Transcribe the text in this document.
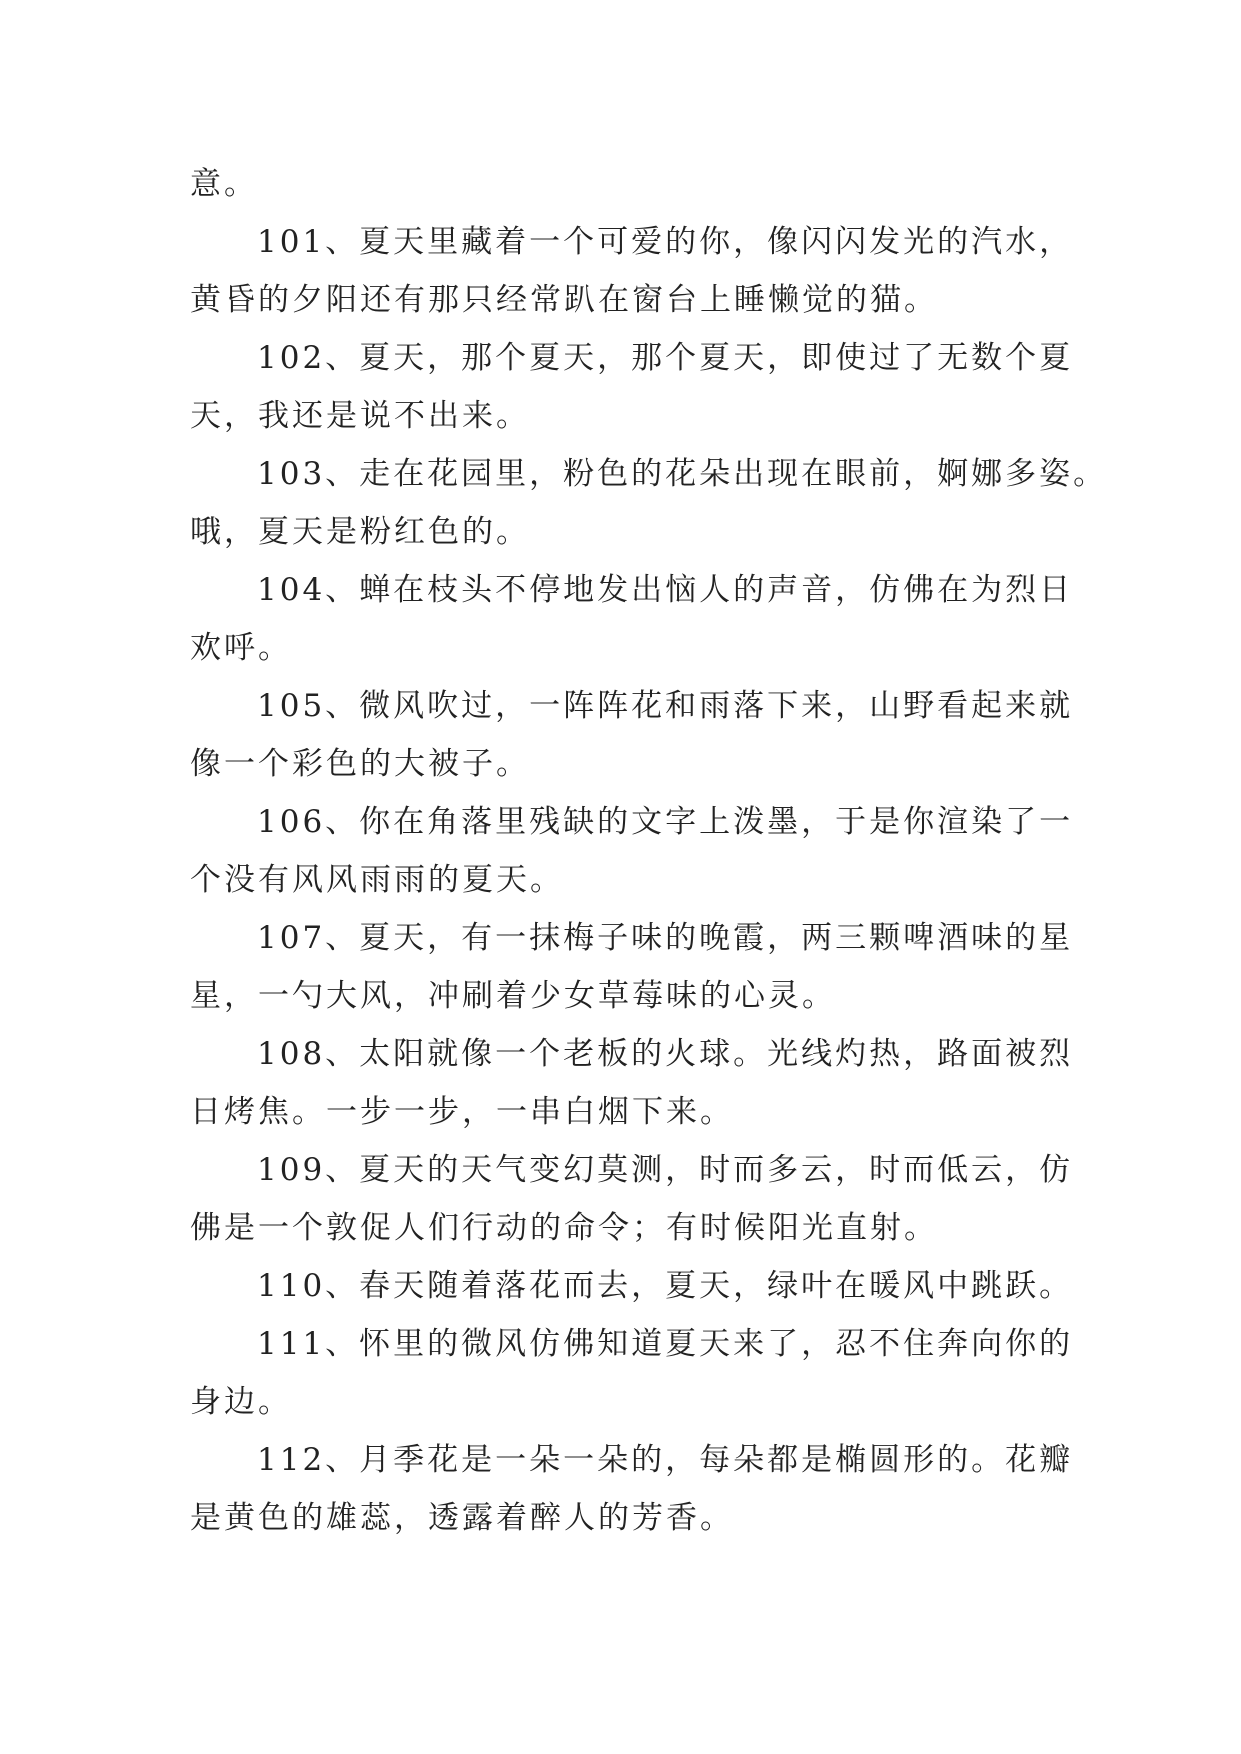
意。

101、夏天里藏着一个可爱的你，像闪闪发光的汽水，
黄昏的夕阳还有那只经常趴在窗台上睡懒觉的猫。

102、夏天，那个夏天，那个夏天，即使过了无数个夏
天，我还是说不出来。

103、走在花园里，粉色的花朵出现在眼前，婀娜多姿。
哦，夏天是粉红色的。

104、蝉在枝头不停地发出恼人的声音，仿佛在为烈日
欢呼。

105、微风吹过，一阵阵花和雨落下来，山野看起来就
像一个彩色的大被子。

106、你在角落里残缺的文字上泼墨，于是你渲染了一
个没有风风雨雨的夏天。

107、夏天，有一抹梅子味的晚霞，两三颗啤酒味的星
星，一勺大风，冲刷着少女草莓味的心灵。

108、太阳就像一个老板的火球。光线灼热，路面被烈
日烤焦。一步一步，一串白烟下来。

109、夏天的天气变幻莫测，时而多云，时而低云，仿
佛是一个敦促人们行动的命令；有时候阳光直射。

110、春天随着落花而去，夏天，绿叶在暖风中跳跃。

111、怀里的微风仿佛知道夏天来了，忍不住奔向你的
身边。

112、月季花是一朵一朵的，每朵都是椭圆形的。花瓣
是黄色的雄蕊，透露着醉人的芳香。
